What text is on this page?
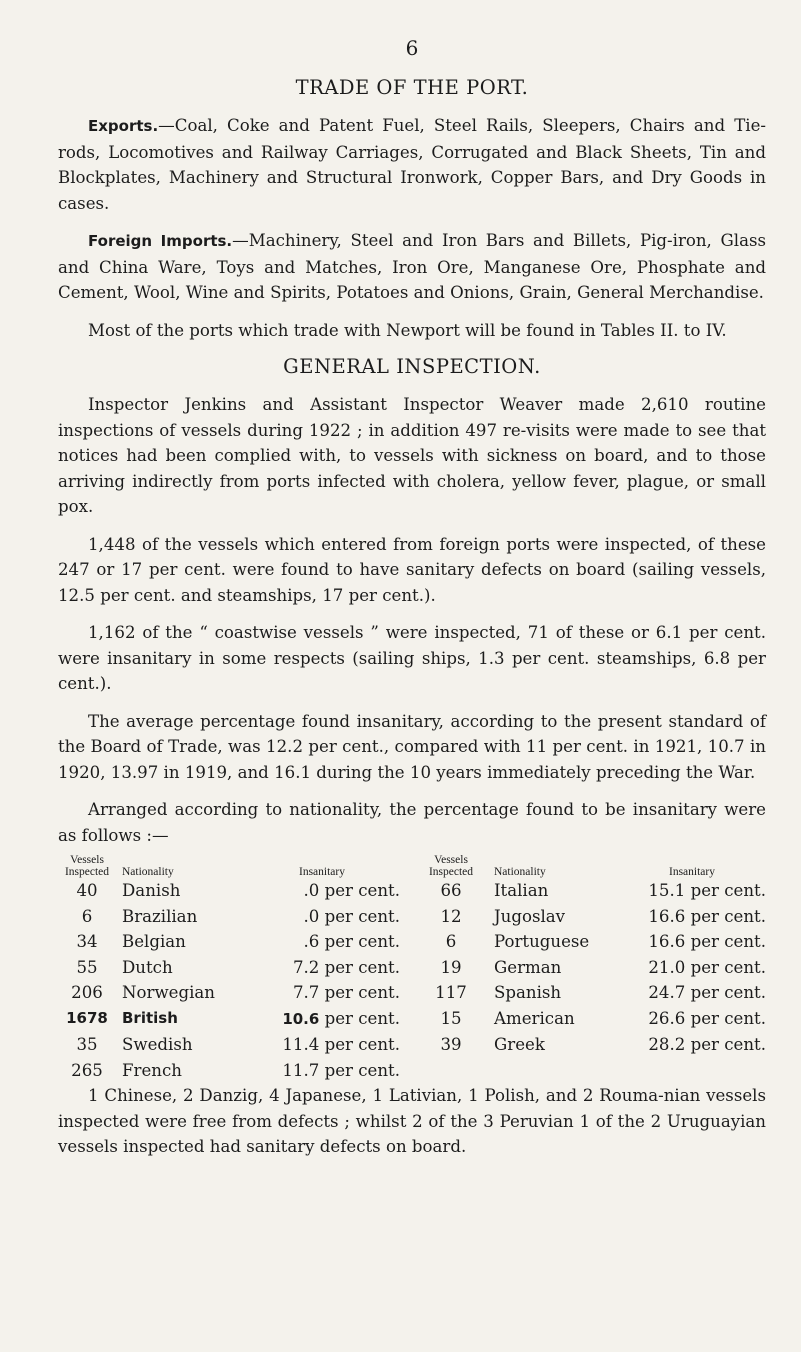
6
TRADE OF THE PORT.

Exports.—Coal, Coke and Patent Fuel, Steel Rails, Sleepers, Chairs and Tie-rods, Locomotives and Railway Carriages, Corrugated and Black Sheets, Tin and Blockplates, Machinery and Structural Ironwork, Copper Bars, and Dry Goods in cases.

Foreign Imports.—Machinery, Steel and Iron Bars and Billets, Pig-iron, Glass and China Ware, Toys and Matches, Iron Ore, Manganese Ore, Phosphate and Cement, Wool, Wine and Spirits, Potatoes and Onions, Grain, General Merchandise.

Most of the ports which trade with Newport will be found in Tables II. to IV.

GENERAL INSPECTION.

Inspector Jenkins and Assistant Inspector Weaver made 2,610 routine inspections of vessels during 1922 ; in addition 497 re-visits were made to see that notices had been complied with, to vessels with sickness on board, and to those arriving indirectly from ports infected with cholera, yellow fever, plague, or small pox.

1,448 of the vessels which entered from foreign ports were inspected, of these 247 or 17 per cent. were found to have sanitary defects on board (sailing vessels, 12.5 per cent. and steamships, 17 per cent.).

1,162 of the “ coastwise vessels ” were inspected, 71 of these or 6.1 per cent. were insanitary in some respects (sailing ships, 1.3 per cent. steamships, 6.8 per cent.).

The average percentage found insanitary, according to the present standard of the Board of Trade, was 12.2 per cent., compared with 11 per cent. in 1921, 10.7 in 1920, 13.97 in 1919, and 16.1 during the 10 years immediately preceding the War.

Arranged according to nationality, the percentage found to be insanitary were as follows :—

Vessels
Inspected	Nationality	Insanitary	Vessels
Inspected	Nationality	Insanitary
40	Danish	.0 per cent.	66	Italian	15.1 per cent.
6	Brazilian	.0 per cent.	12	Jugoslav	16.6 per cent.
34	Belgian	.6 per cent.	6	Portuguese	16.6 per cent.
55	Dutch	7.2 per cent.	19	German	21.0 per cent.
206	Norwegian	7.7 per cent.	117	Spanish	24.7 per cent.
1678	British	10.6 per cent.	15	American	26.6 per cent.
35	Swedish	11.4 per cent.	39	Greek	28.2 per cent.
265	French	11.7 per cent.			

1 Chinese, 2 Danzig, 4 Japanese, 1 Lativian, 1 Polish, and 2 Rouma-nian vessels inspected were free from defects ; whilst 2 of the 3 Peruvian 1 of the 2 Uruguayian vessels inspected had sanitary defects on board.
